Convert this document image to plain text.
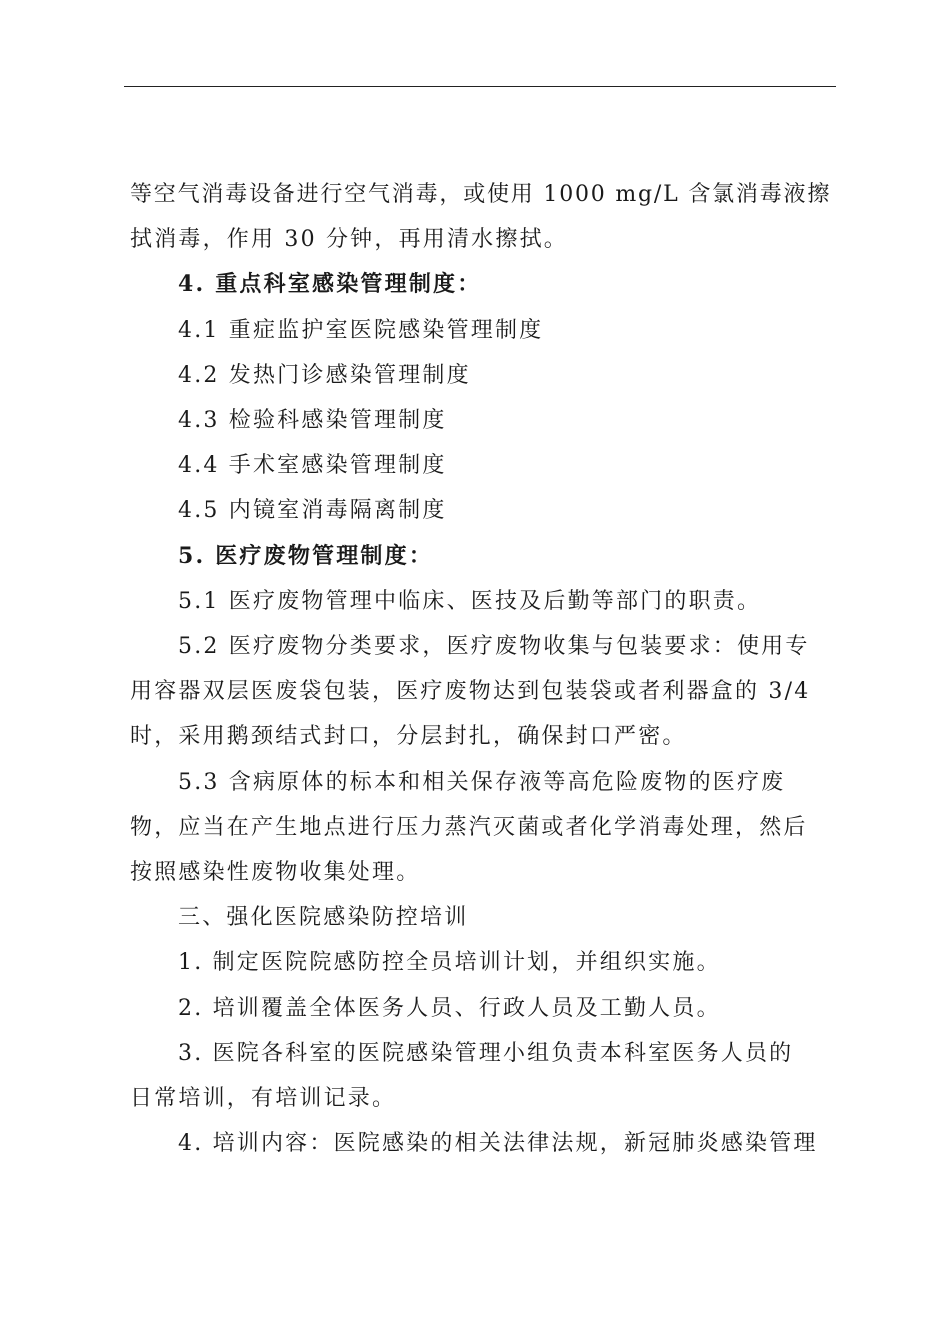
等空气消毒设备进行空气消毒，或使用 1000 mg/L 含氯消毒液擦

拭消毒，作用 30 分钟，再用清水擦拭。

4. 重点科室感染管理制度：

4.1 重症监护室医院感染管理制度

4.2 发热门诊感染管理制度

4.3 检验科感染管理制度

4.4 手术室感染管理制度

4.5 内镜室消毒隔离制度

5. 医疗废物管理制度：

5.1 医疗废物管理中临床、医技及后勤等部门的职责。

5.2 医疗废物分类要求，医疗废物收集与包装要求：使用专

用容器双层医废袋包装，医疗废物达到包装袋或者利器盒的 3/4

时，采用鹅颈结式封口，分层封扎，确保封口严密。

5.3 含病原体的标本和相关保存液等高危险废物的医疗废

物，应当在产生地点进行压力蒸汽灭菌或者化学消毒处理，然后

按照感染性废物收集处理。

三、强化医院感染防控培训

1. 制定医院院感防控全员培训计划，并组织实施。

2. 培训覆盖全体医务人员、行政人员及工勤人员。

3. 医院各科室的医院感染管理小组负责本科室医务人员的

日常培训，有培训记录。

4. 培训内容：医院感染的相关法律法规，新冠肺炎感染管理
